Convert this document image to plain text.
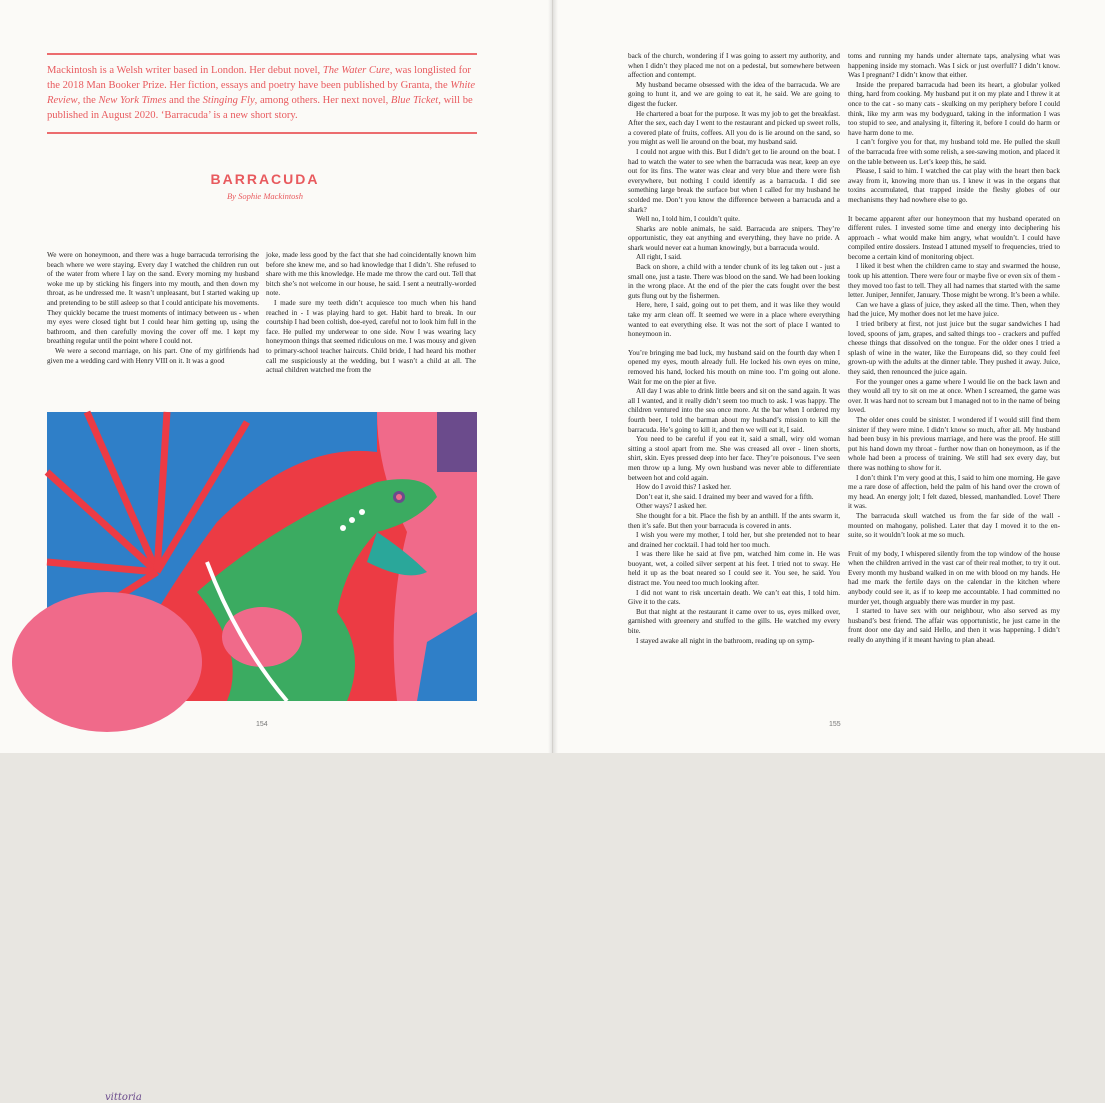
Mackintosh is a Welsh writer based in London. Her debut novel, The Water Cure, was longlisted for the 2018 Man Booker Prize. Her fiction, essays and poetry have been published by Granta, the White Review, the New York Times and the Stinging Fly, among others. Her next novel, Blue Ticket, will be published in August 2020. ‘Barracuda’ is a new short story.
BARRACUDA
By Sophie Mackintosh

We were on honeymoon, and there was a huge barracuda terrorising the beach where we were staying. Every day I watched the children run out of the water from where I lay on the sand. Every morning my husband woke me up by sticking his fingers into my mouth, and then down my throat, as he undressed me. It wasn’t unpleasant, but I started waking up and pretending to be still asleep so that I could anticipate his movements. They quickly became the truest moments of intimacy between us - when my eyes were closed tight but I could hear him getting up, using the bathroom, and then carefully moving the cover off me. I kept my breathing regular until the point where I could not.

We were a second marriage, on his part. One of my girlfriends had given me a wedding card with Henry VIII on it. It was a good

joke, made less good by the fact that she had coincidentally known him before she knew me, and so had knowledge that I didn’t. She refused to share with me this knowledge. He made me throw the card out. Tell that bitch she’s not welcome in our house, he said. I sent a neutrally-worded note.

I made sure my teeth didn’t acquiesce too much when his hand reached in - I was playing hard to get. Habit hard to break. In our courtship I had been coltish, doe-eyed, careful not to look him full in the face. He pulled my underwear to one side. Now I was wearing lacy honeymoon things that seemed ridiculous on me. I was mousy and given to primary-school teacher haircuts. Child bride, I had heard his mother call me suspiciously at the wedding, but I wasn’t a child at all. The actual children watched me from the

vittoria
154

back of the church, wondering if I was going to assert my authority, and when I didn’t they placed me not on a pedestal, but somewhere between affection and contempt.

My husband became obsessed with the idea of the barracuda. We are going to hunt it, and we are going to eat it, he said. We are going to digest the fucker.

He chartered a boat for the purpose. It was my job to get the breakfast. After the sex, each day I went to the restaurant and picked up sweet rolls, a covered plate of fruits, coffees. All you do is lie around on the sand, so you might as well lie around on the boat, my husband said.

I could not argue with this. But I didn’t get to lie around on the boat. I had to watch the water to see when the barracuda was near, keep an eye out for its fins. The water was clear and very blue and there were fish everywhere, but nothing I could identify as a barracuda. I did see something large break the surface but when I called for my husband he scolded me. Don’t you know the difference between a barracuda and a shark?

Well no, I told him, I couldn’t quite.

Sharks are noble animals, he said. Barracuda are snipers. They’re opportunistic, they eat anything and everything, they have no pride. A shark would never eat a human knowingly, but a barracuda would.

All right, I said.

Back on shore, a child with a tender chunk of its leg taken out - just a small one, just a taste. There was blood on the sand. We had been looking in the wrong place. At the end of the pier the cats fought over the best guts flung out by the fishermen.

Here, here, I said, going out to pet them, and it was like they would take my arm clean off. It seemed we were in a place where everything wanted to eat everything else. It was not the sort of place I wanted to honeymoon in.

You’re bringing me bad luck, my husband said on the fourth day when I opened my eyes, mouth already full. He locked his own eyes on mine, removed his hand, locked his mouth on mine too. I’m going out alone. Wait for me on the pier at five.

All day I was able to drink little beers and sit on the sand again. It was all I wanted, and it really didn’t seem too much to ask. I was happy. The children ventured into the sea once more. At the bar when I ordered my fourth beer, I told the barman about my husband’s mission to kill the barracuda. He’s going to kill it, and then we will eat it, I said.

You need to be careful if you eat it, said a small, wiry old woman sitting a stool apart from me. She was creased all over - linen shorts, shirt, skin. Eyes pressed deep into her face. They’re poisonous. I’ve seen men throw up a lung. My own husband was never able to differentiate between hot and cold again.

How do I avoid this? I asked her.

Don’t eat it, she said. I drained my beer and waved for a fifth.

Other ways? I asked her.

She thought for a bit. Place the fish by an anthill. If the ants swarm it, then it’s safe. But then your barracuda is covered in ants.

I wish you were my mother, I told her, but she pretended not to hear and drained her cocktail. I had told her too much.

I was there like he said at five pm, watched him come in. He was buoyant, wet, a coiled silver serpent at his feet. I tried not to sway. He held it up as the boat neared so I could see it. You see, he said. You distract me. You need too much looking after.

I did not want to risk uncertain death. We can’t eat this, I told him. Give it to the cats.

But that night at the restaurant it came over to us, eyes milked over, garnished with greenery and stuffed to the gills. He watched my every bite.

I stayed awake all night in the bathroom, reading up on symp-

toms and running my hands under alternate taps, analysing what was happening inside my stomach. Was I sick or just overfull? I didn’t know. Was I pregnant? I didn’t know that either.

Inside the prepared barracuda had been its heart, a globular yolked thing, hard from cooking. My husband put it on my plate and I threw it at once to the cat - so many cats - skulking on my periphery before I could think, like my arm was my bodyguard, taking in the information I was too stupid to see, and analysing it, filtering it, before I could do harm or have harm done to me.

I can’t forgive you for that, my husband told me. He pulled the skull of the barracuda free with some relish, a see-sawing motion, and placed it on the table between us. Let’s keep this, he said.

Please, I said to him. I watched the cat play with the heart then back away from it, knowing more than us. I knew it was in the organs that toxins accumulated, that trapped inside the fleshy globes of our mechanisms they had nowhere else to go.

It became apparent after our honeymoon that my husband operated on different rules. I invested some time and energy into deciphering his approach - what would make him angry, what wouldn’t. I could have compiled entire dossiers. Instead I attuned myself to frequencies, tried to become a certain kind of monitoring object.

I liked it best when the children came to stay and swarmed the house, took up his attention. There were four or maybe five or even six of them - they moved too fast to tell. They all had names that started with the same letter. Juniper, Jennifer, January. Those might be wrong. It’s been a while.

Can we have a glass of juice, they asked all the time. Then, when they had the juice, My mother does not let me have juice.

I tried bribery at first, not just juice but the sugar sandwiches I had loved, spoons of jam, grapes, and salted things too - crackers and puffed cheese things that dissolved on the tongue. For the older ones I tried a splash of wine in the water, like the Europeans did, so they could feel grown-up with the adults at the dinner table. They pushed it away. Juice, they said, then renounced the juice again.

For the younger ones a game where I would lie on the back lawn and they would all try to sit on me at once. When I screamed, the game was over. It was hard not to scream but I managed not to in the name of being loved.

The older ones could be sinister. I wondered if I would still find them sinister if they were mine. I didn’t know so much, after all. My husband had been busy in his previous marriage, and here was the proof. He still put his hand down my throat - further now than on honeymoon, as if the whole had been a process of training. We still had sex every day, but there was nothing to show for it.

I don’t think I’m very good at this, I said to him one morning. He gave me a rare dose of affection, held the palm of his hand over the crown of my head. An energy jolt; I felt dazed, blessed, manhandled. Love! There it was.

The barracuda skull watched us from the far side of the wall - mounted on mahogany, polished. Later that day I moved it to the en-suite, so it wouldn’t look at me so much.

Fruit of my body, I whispered silently from the top window of the house when the children arrived in the vast car of their real mother, to try it out. Every month my husband walked in on me with blood on my hands. He had me mark the fertile days on the calendar in the kitchen where anybody could see it, as if to keep me accountable. I had committed no murder yet, though arguably there was murder in my past.

I started to have sex with our neighbour, who also served as my husband’s best friend. The affair was opportunistic, he just came in the front door one day and said Hello, and then it was happening. I didn’t really do anything if it meant having to plan ahead.

155
